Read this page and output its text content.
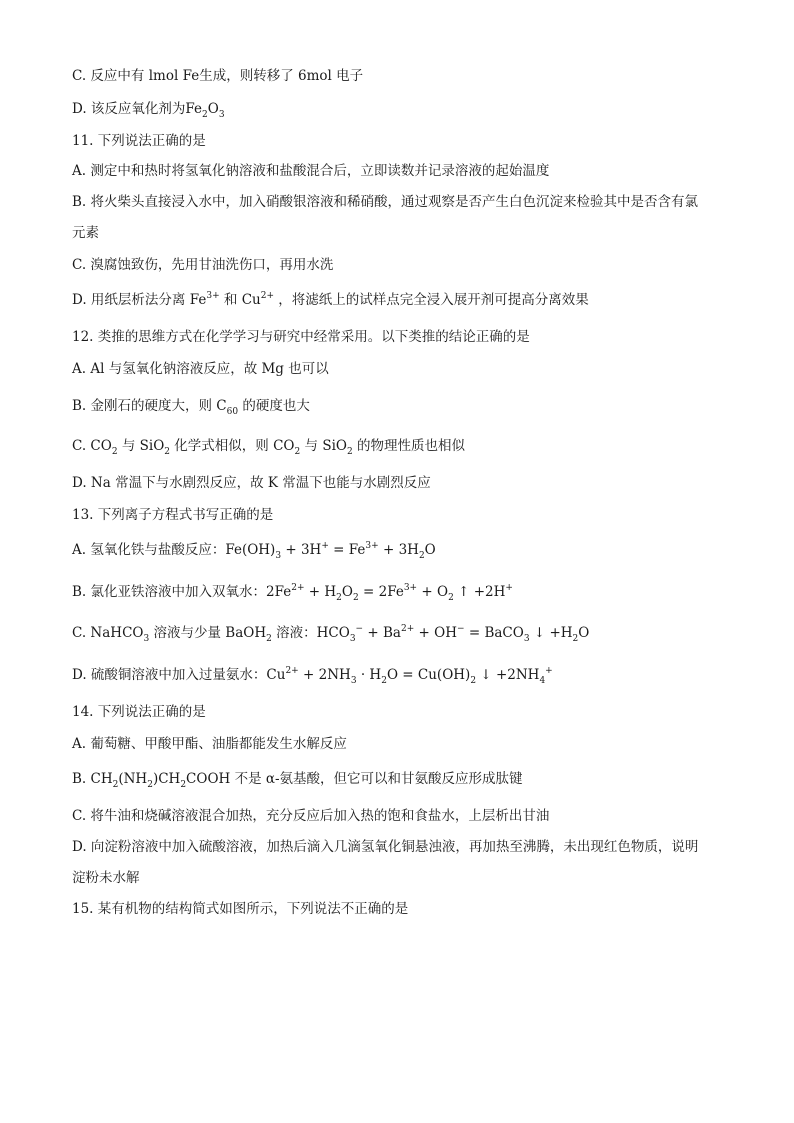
C. 反应中有 lmol Fe生成，则转移了 6mol 电子
D. 该反应氧化剂为$Fe_2O_3$
11. 下列说法正确的是
A. 测定中和热时将氢氧化钠溶液和盐酸混合后，立即读数并记录溶液的起始温度
B. 将火柴头直接浸入水中，加入硝酸银溶液和稀硝酸，通过观察是否产生白色沉淀来检验其中是否含有氯
元素
C. 溴腐蚀致伤，先用甘油洗伤口，再用水洗
D. 用纸层析法分离 $Fe^{3+}$ 和 $Cu^{2+}$ ，将滤纸上的试样点完全浸入展开剂可提高分离效果
12. 类推的思维方式在化学学习与研究中经常采用。以下类推的结论正确的是
A. Al 与氢氧化钠溶液反应，故 Mg 也可以
B. 金刚石的硬度大，则 $C_{60}$ 的硬度也大
C. $CO_2$ 与 SiO$_2$ 化学式相似，则 $CO_2$ 与 SiO$_2$ 的物理性质也相似
D. Na 常温下与水剧烈反应，故 K 常温下也能与水剧烈反应
13. 下列离子方程式书写正确的是
A. 氢氧化铁与盐酸反应：$Fe(OH)_3 + 3H^+ = Fe^{3+} + 3H_2O$
B. 氯化亚铁溶液中加入双氧水：$2Fe^{2+} + H_2O_2 = 2Fe^{3+} + O_2$ ↑ +2H+
C. NaHCO$_3$ 溶液与少量 BaOH$_2$ 溶液：$HCO_3^- + Ba^{2+} + OH^-$ = BaCO$_3$ ↓ $+H_2O$
D. 硫酸铜溶液中加入过量氨水：$Cu^{2+} + 2NH_3 \cdot H_2O = Cu(OH)_2$ ↓ $+2NH_4^+$
14. 下列说法正确的是
A. 葡萄糖、甲酸甲酯、油脂都能发生水解反应
B. $CH_2(NH_2)CH_2COOH$ 不是 α-氨基酸，但它可以和甘氨酸反应形成肽键
C. 将牛油和烧碱溶液混合加热，充分反应后加入热的饱和食盐水，上层析出甘油
D. 向淀粉溶液中加入硫酸溶液，加热后滴入几滴氢氧化铜悬浊液，再加热至沸腾，未出现红色物质，说明
淀粉未水解
15. 某有机物的结构简式如图所示，下列说法不正确的是
